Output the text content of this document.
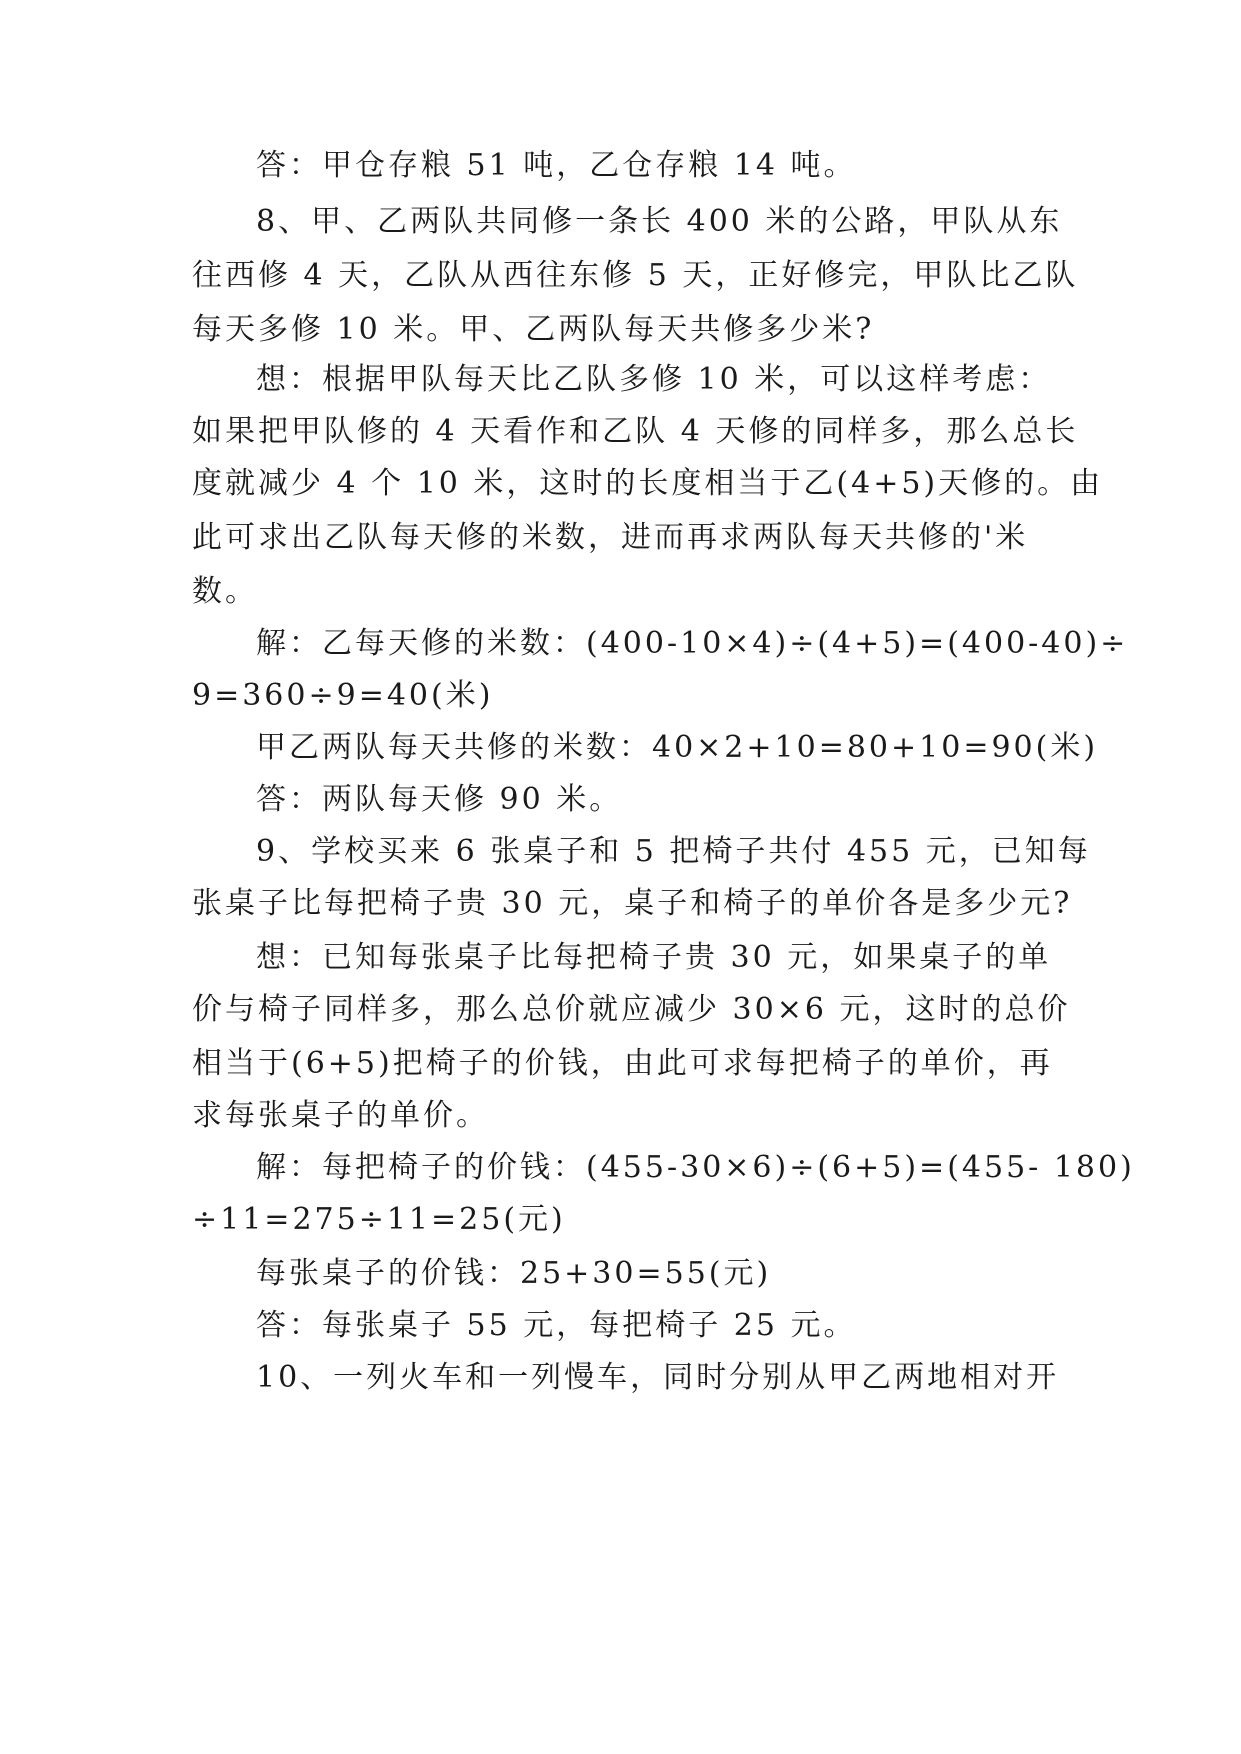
答：甲仓存粮 51 吨，乙仓存粮 14 吨。
8、甲、乙两队共同修一条长 400 米的公路，甲队从东
往西修 4 天，乙队从西往东修 5 天，正好修完，甲队比乙队
每天多修 10 米。甲、乙两队每天共修多少米?
想：根据甲队每天比乙队多修 10 米，可以这样考虑：
如果把甲队修的 4 天看作和乙队 4 天修的同样多，那么总长
度就减少 4 个 10 米，这时的长度相当于乙(4+5)天修的。由
此可求出乙队每天修的米数，进而再求两队每天共修的'米
数。
解：乙每天修的米数：(400-10×4)÷(4+5)=(400-40)÷
9=360÷9=40(米)
甲乙两队每天共修的米数：40×2+10=80+10=90(米)
答：两队每天修 90 米。
9、学校买来 6 张桌子和 5 把椅子共付 455 元，已知每
张桌子比每把椅子贵 30 元，桌子和椅子的单价各是多少元?
想：已知每张桌子比每把椅子贵 30 元，如果桌子的单
价与椅子同样多，那么总价就应减少 30×6 元，这时的总价
相当于(6+5)把椅子的价钱，由此可求每把椅子的单价，再
求每张桌子的单价。
解：每把椅子的价钱：(455-30×6)÷(6+5)=(455- 180)
÷11=275÷11=25(元)
每张桌子的价钱：25+30=55(元)
答：每张桌子 55 元，每把椅子 25 元。
10、一列火车和一列慢车，同时分别从甲乙两地相对开
